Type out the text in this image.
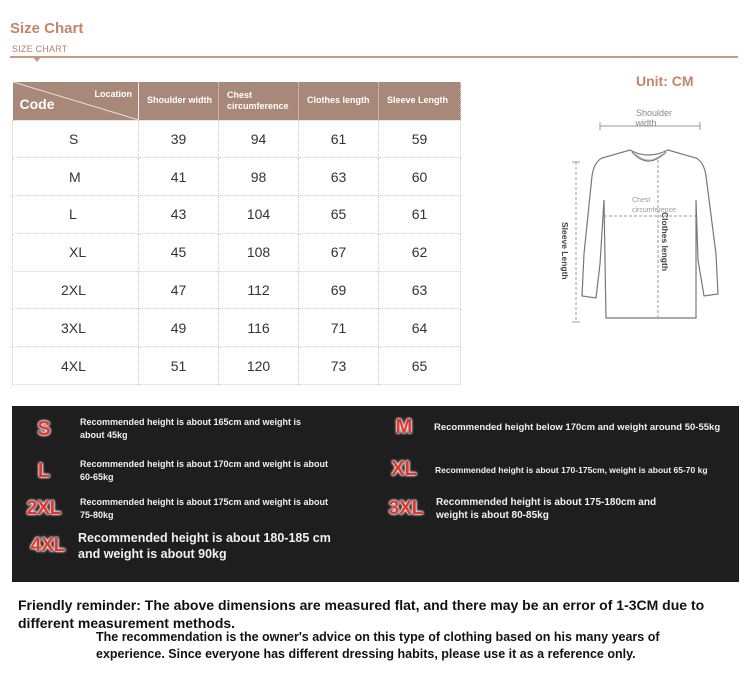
Size Chart
SIZE CHART
Location
Code	Shoulder width	Chest circumference	Clothes length	Sleeve Length
S	39	94	61	59
M	41	98	63	60
L	43	104	65	61
XL	45	108	67	62
2XL	47	112	69	63
3XL	49	116	71	64
4XL	51	120	73	65
Unit: CM
Shoulder
width
Chest
circumference
Clothes length
Sleeve Length
S	Recommended height is about 165cm and weight is about 45kg	M	Recommended height below 170cm and weight around 50-55kg
L	Recommended height is about 170cm and weight is about 60-65kg	XL	Recommended height is about 170-175cm, weight is about 65-70 kg
2XL	Recommended height is about 175cm and weight is about 75-80kg	3XL	Recommended height is about 175-180cm and weight is about 80-85kg
4XL	Recommended height is about 180-185 cm and weight is about 90kg
Friendly reminder: The above dimensions are measured flat, and there may be an error of 1-3CM due to different measurement methods.
The recommendation is the owner's advice on this type of clothing based on his many years of experience. Since everyone has different dressing habits, please use it as a reference only.
